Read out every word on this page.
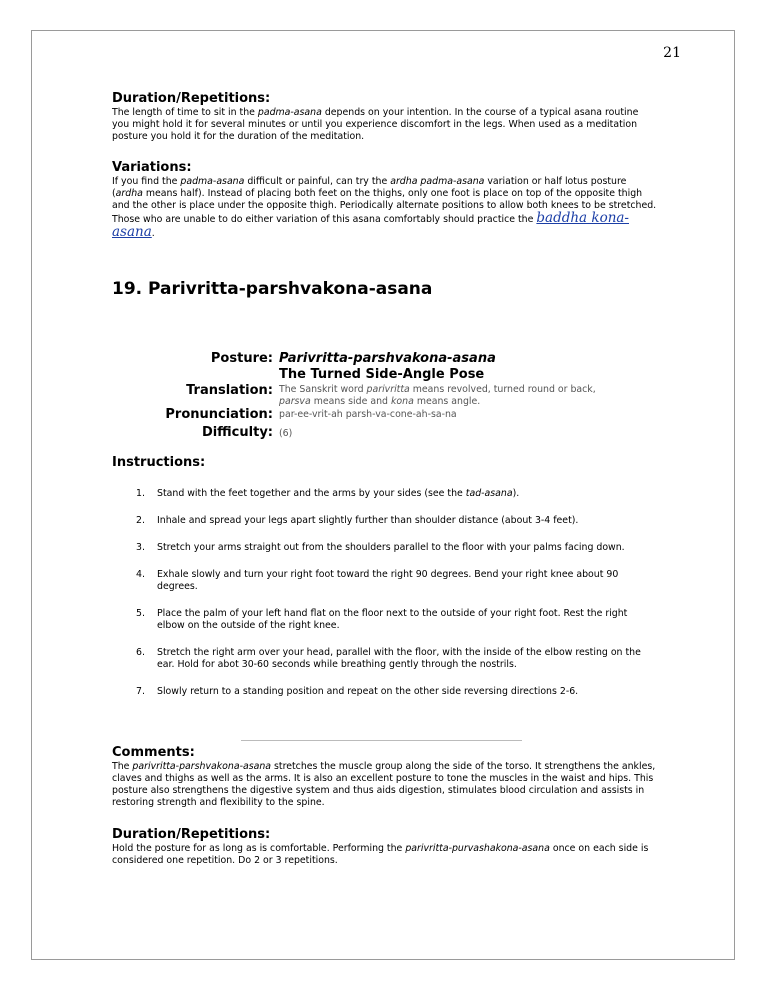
21
Duration/Repetitions:
The length of time to sit in the padma-asana depends on your intention. In the course of a typical asana routine you might hold it for several minutes or until you experience discomfort in the legs. When used as a meditation posture you hold it for the duration of the meditation.
Variations:
If you find the padma-asana difficult or painful, can try the ardha padma-asana variation or half lotus posture (ardha means half). Instead of placing both feet on the thighs, only one foot is place on top of the opposite thigh and the other is place under the opposite thigh. Periodically alternate positions to allow both knees to be stretched. Those who are unable to do either variation of this asana comfortably should practice the baddha kona-asana.
19. Parivritta-parshvakona-asana
Posture: Parivritta-parshvakona-asana
The Turned Side-Angle Pose
Translation: The Sanskrit word parivritta means revolved, turned round or back, parsva means side and kona means angle.
Pronunciation: par-ee-vrit-ah parsh-va-cone-ah-sa-na
Difficulty: (6)
Instructions:
1. Stand with the feet together and the arms by your sides (see the tad-asana).
2. Inhale and spread your legs apart slightly further than shoulder distance (about 3-4 feet).
3. Stretch your arms straight out from the shoulders parallel to the floor with your palms facing down.
4. Exhale slowly and turn your right foot toward the right 90 degrees. Bend your right knee about 90 degrees.
5. Place the palm of your left hand flat on the floor next to the outside of your right foot. Rest the right elbow on the outside of the right knee.
6. Stretch the right arm over your head, parallel with the floor, with the inside of the elbow resting on the ear. Hold for abot 30-60 seconds while breathing gently through the nostrils.
7. Slowly return to a standing position and repeat on the other side reversing directions 2-6.
Comments:
The parivritta-parshvakona-asana stretches the muscle group along the side of the torso. It strengthens the ankles, claves and thighs as well as the arms. It is also an excellent posture to tone the muscles in the waist and hips. This posture also strengthens the digestive system and thus aids digestion, stimulates blood circulation and assists in restoring strength and flexibility to the spine.
Duration/Repetitions:
Hold the posture for as long as is comfortable. Performing the parivritta-purvashakona-asana once on each side is considered one repetition. Do 2 or 3 repetitions.
